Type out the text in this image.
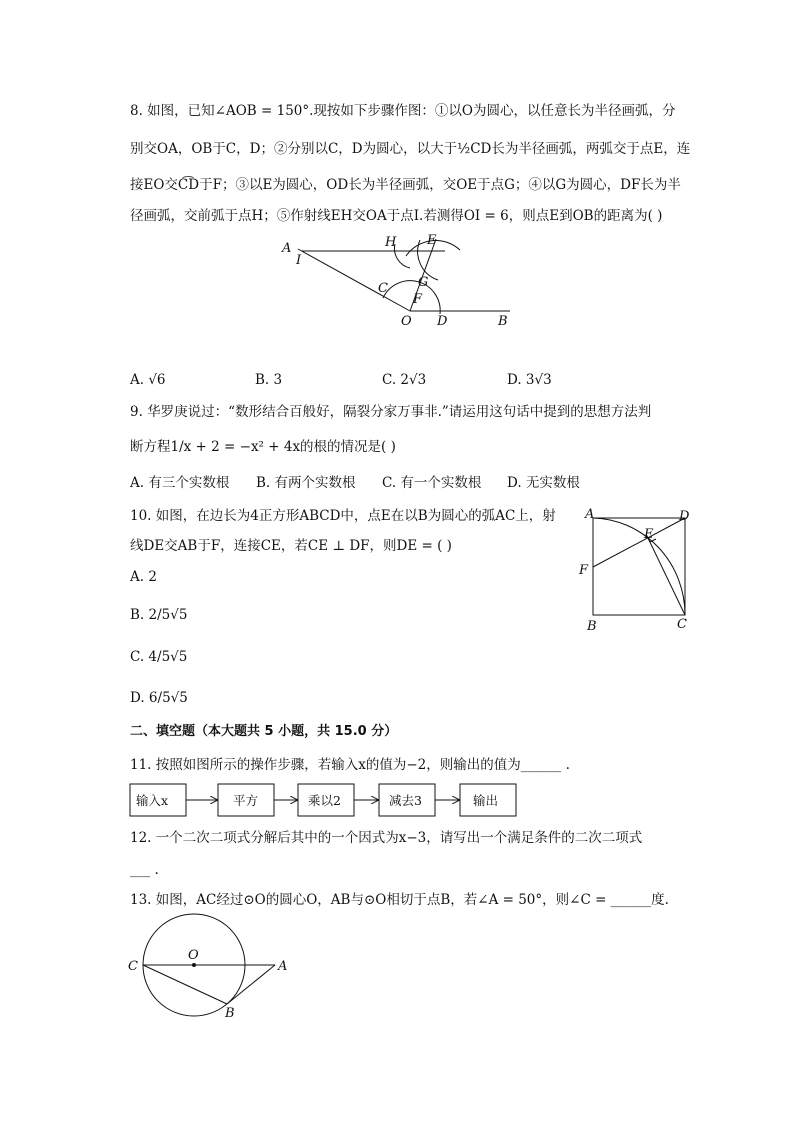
8. 如图，已知∠AOB = 150°.现按如下步骤作图：①以O为圆心，以任意长为半径画弧，分
别交OA，OB于C，D；②分别以C，D为圆心，以大于½CD长为半径画弧，两弧交于点E，连
接EO交C͡D于F；③以E为圆心，OD长为半径画弧，交OE于点G；④以G为圆心，DF长为半
径画弧，交前弧于点H；⑤作射线EH交OA于点I.若测得OI = 6，则点E到OB的距离为( )
A
I
H E
G
C
F
O D	B
A. √6	B. 3	C. 2√3	D. 3√3
9. 华罗庚说过：“数形结合百般好，隔裂分家万事非.”请运用这句话中提到的思想方法判
断方程1/x + 2 = −x² + 4x的根的情况是( )
A. 有三个实数根 B. 有两个实数根 C. 有一个实数根 D. 无实数根
10. 如图，在边长为4正方形ABCD中，点E在以B为圆心的弧AC上，射
线DE交AB于F，连接CE，若CE ⊥ DF，则DE = ( )
A	D
E
F
B	C
A. 2
B. 2/5√5
C. 4/5√5
D. 6/5√5
二、填空题（本大题共 5 小题，共 15.0 分）
11. 按照如图所示的操作步骤，若输入x的值为−2，则输出的值为______ .
输入x	平方	乘以2	减去3	输出
12. 一个二次二项式分解后其中的一个因式为x−3，请写出一个满足条件的二次二项式
___ .
13. 如图，AC经过⊙O的圆心O，AB与⊙O相切于点B，若∠A = 50°，则∠C = ______度.
O
C	A
B
